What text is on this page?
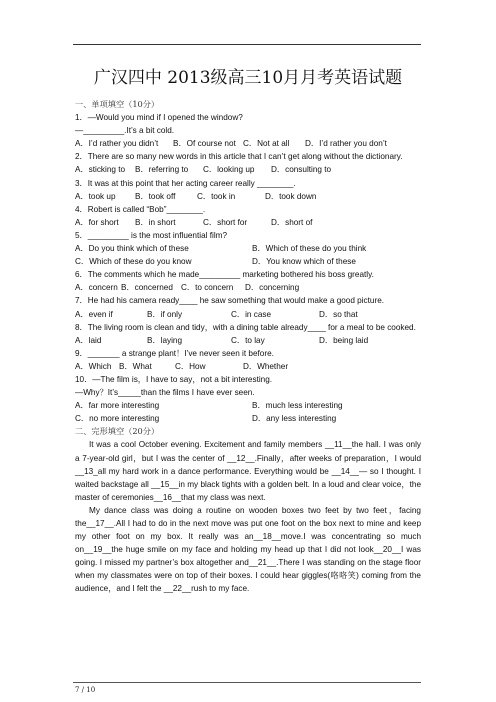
广汉四中 2013级高三10月月考英语试题
一、单项填空（10分）
1．—Would you mind if I opened the window?
—_________.It’s a bit cold.
A．I’d rather you didn’t	B．Of course not C．Not at all	D．I’d rather you don’t
2．There are so many new words in this article that I can’t get along without the dictionary.
A．sticking to	B．referring to	C．looking up	D．consulting to
3．It was at this point that her acting career really ________.
A．took up	B．took off	C．took in	D．took down
4．Robert is called “Bob”________.
A．for short	B．in short	C．short for	D．short of
5．_________ is the most influential film?
A．Do you think which of these	B．Which of these do you think
C．Which of these do you know	D．You know which of these
6．The comments which he made_________ marketing bothered his boss greatly.
A．concern B．concerned C．to concern	D．concerning
7．He had his camera ready____ he saw something that would make a good picture.
A．even if	B．if only	C．in case	D．so that
8．The living room is clean and tidy，with a dining table already____ for a meal to be cooked.
A．laid	B．laying	C．to lay	D．being laid
9．_______ a strange plant！I’ve never seen it before.
A．Which B．What	C．How	D．Whether
10．—The film is，I have to say，not a bit interesting.
—Why？It’s_____than the films I have ever seen.
A．far more interesting	B．much less interesting
C．no more interesting	D．any less interesting
二、完形填空（20分）
It was a cool October evening. Excitement and family members __11__the hall. I was only a 7-year-old girl，but I was the center of __12__.Finally，after weeks of preparation，I would __13_all my hard work in a dance performance. Everything would be __14__— so I thought. I waited backstage all __15__in my black tights with a golden belt. In a loud and clear voice，the master of ceremonies__16__that my class was next.
My dance class was doing a routine on wooden boxes two feet by two feet，facing the__17__.All I had to do in the next move was put one foot on the box next to mine and keep my other foot on my box. It really was an__18__move.I was concentrating so much on__19__the huge smile on my face and holding my head up that I did not look__20__I was going. I missed my partner’s box altogether and__21__.There I was standing on the stage floor when my classmates were on top of their boxes. I could hear giggles(咯咯笑) coming from the audience，and I felt the __22__rush to my face.
7 / 10
